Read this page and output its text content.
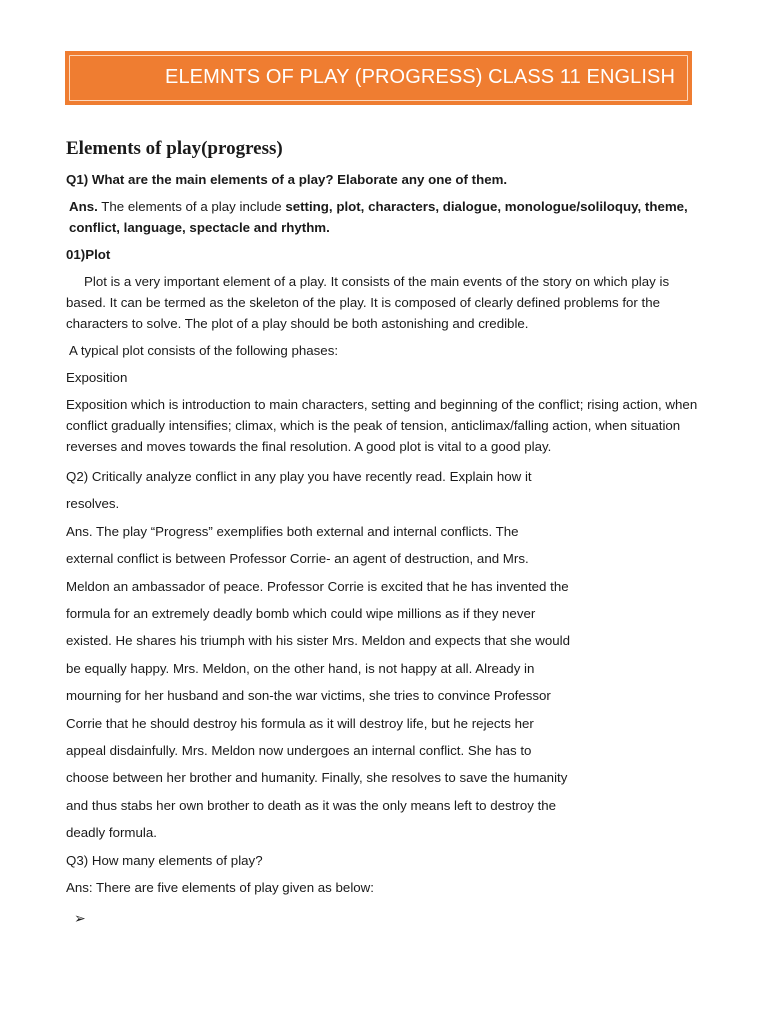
ELEMNTS OF PLAY (PROGRESS) CLASS 11 ENGLISH
Elements of play(progress)
Q1) What are the main elements of a play? Elaborate any one of them.
Ans. The elements of a play include setting, plot, characters, dialogue, monologue/soliloquy, theme, conflict, language, spectacle and rhythm.
01)Plot
Plot is a very important element of a play. It consists of the main events of the story on which play is based. It can be termed as the skeleton of the play. It is composed of clearly defined problems for the characters to solve. The plot of a play should be both astonishing and credible.
A typical plot consists of the following phases:
Exposition
Exposition which is introduction to main characters, setting and beginning of the conflict; rising action, when conflict gradually intensifies; climax, which is the peak of tension, anticlimax/falling action, when situation reverses and moves towards the final resolution. A good plot is vital to a good play.
Q2) Critically analyze conflict in any play you have recently read. Explain how it
resolves.
Ans. The play “Progress” exemplifies both external and internal conflicts. The
external conflict is between Professor Corrie- an agent of destruction, and Mrs.
Meldon an ambassador of peace. Professor Corrie is excited that he has invented the
formula for an extremely deadly bomb which could wipe millions as if they never
existed. He shares his triumph with his sister Mrs. Meldon and expects that she would
be equally happy. Mrs. Meldon, on the other hand, is not happy at all. Already in
mourning for her husband and son-the war victims, she tries to convince Professor
Corrie that he should destroy his formula as it will destroy life, but he rejects her
appeal disdainfully. Mrs. Meldon now undergoes an internal conflict. She has to
choose between her brother and humanity. Finally, she resolves to save the humanity
and thus stabs her own brother to death as it was the only means left to destroy the
deadly formula.
Q3) How many elements of play?
Ans: There are five elements of play given as below:
➢
